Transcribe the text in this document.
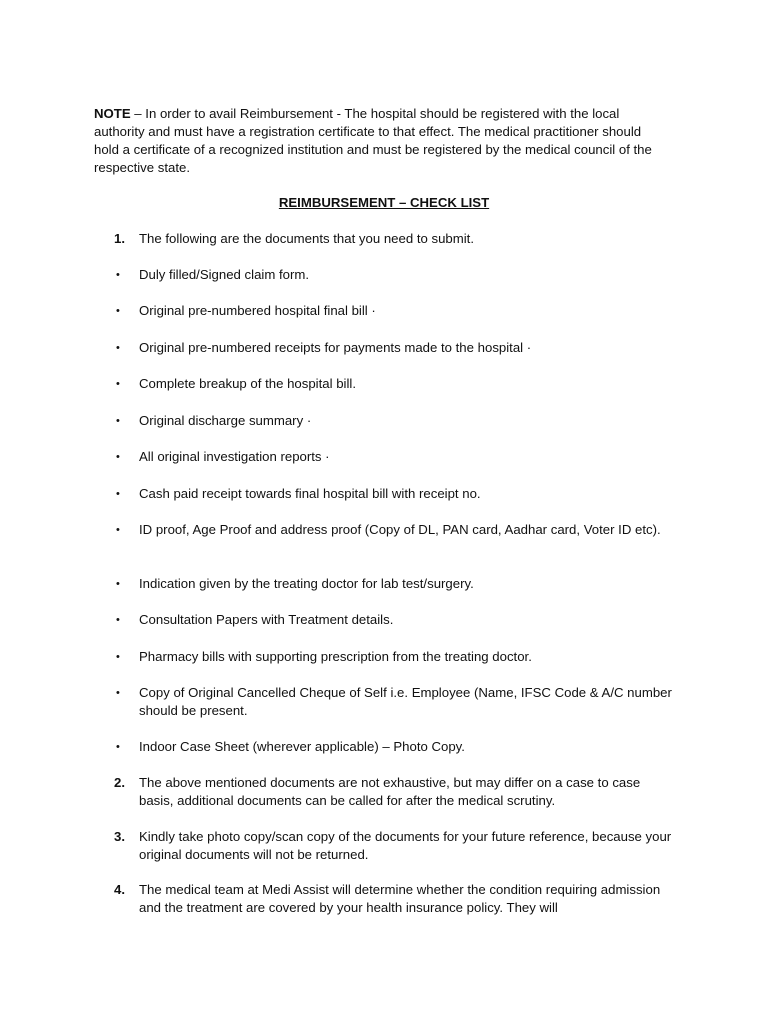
NOTE – In order to avail Reimbursement - The hospital should be registered with the local authority and must have a registration certificate to that effect. The medical practitioner should hold a certificate of a recognized institution and must be registered by the medical council of the respective state.

REIMBURSEMENT – CHECK LIST

1.	The following are the documents that you need to submit.
•	Duly filled/Signed claim form.
•	Original pre-numbered hospital final bill ·
•	Original pre-numbered receipts for payments made to the hospital ·
•	Complete breakup of the hospital bill.
•	Original discharge summary ·
•	All original investigation reports ·
•	Cash paid receipt towards final hospital bill with receipt no.
•	ID proof, Age Proof and address proof (Copy of DL, PAN card, Aadhar card, Voter ID etc).
•	Indication given by the treating doctor for lab test/surgery.
•	Consultation Papers with Treatment details.
•	Pharmacy bills with supporting prescription from the treating doctor.
•	Copy of Original Cancelled Cheque of Self i.e. Employee (Name, IFSC Code & A/C number should be present.
•	Indoor Case Sheet (wherever applicable) – Photo Copy.
2.	The above mentioned documents are not exhaustive, but may differ on a case to case basis, additional documents can be called for after the medical scrutiny.
3.	Kindly take photo copy/scan copy of the documents for your future reference, because your original documents will not be returned.
4.	The medical team at Medi Assist will determine whether the condition requiring admission and the treatment are covered by your health insurance policy. They will
